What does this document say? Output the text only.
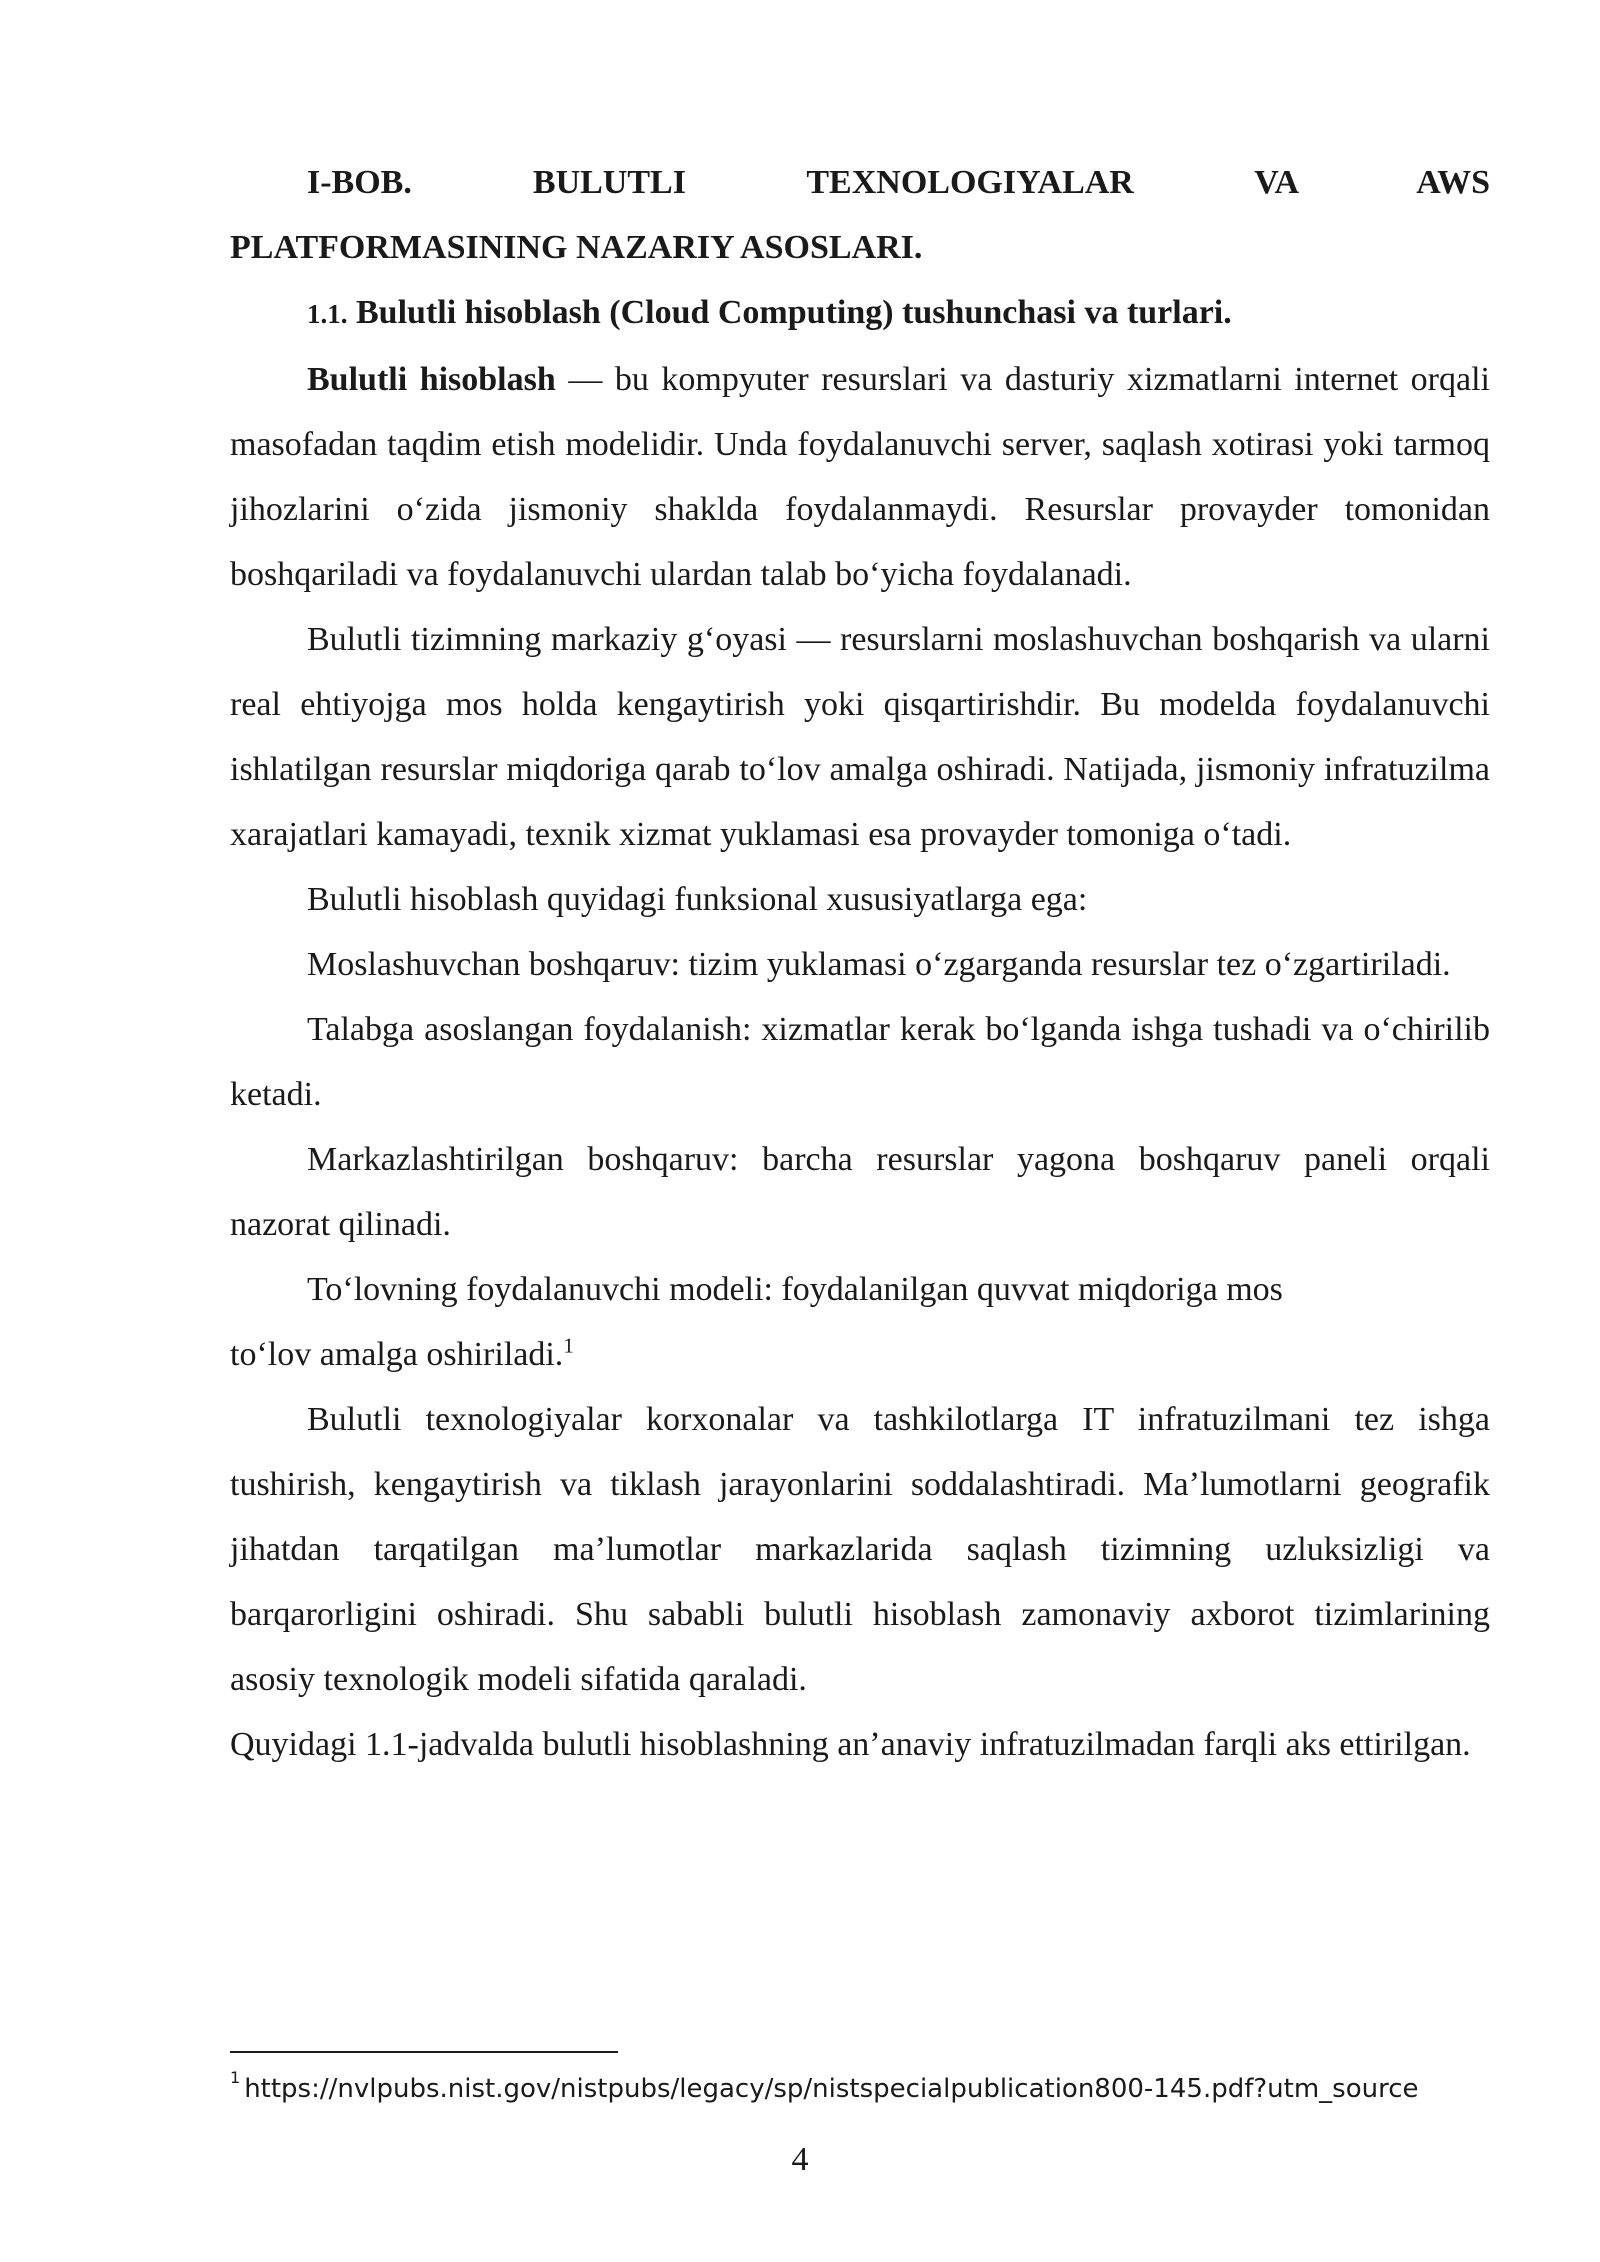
I-BOB.	BULUTLI	TEXNOLOGIYALAR	VA	AWS

PLATFORMASINING NAZARIY ASOSLARI.

1.1. Bulutli hisoblash (Cloud Computing) tushunchasi va turlari.

Bulutli hisoblash — bu kompyuter resurslari va dasturiy xizmatlarni internet orqali masofadan taqdim etish modelidir. Unda foydalanuvchi server, saqlash xotirasi yoki tarmoq jihozlarini oʻzida jismoniy shaklda foydalanmaydi. Resurslar provayder tomonidan boshqariladi va foydalanuvchi ulardan talab boʻyicha foydalanadi.

Bulutli tizimning markaziy gʻoyasi — resurslarni moslashuvchan boshqarish va ularni real ehtiyojga mos holda kengaytirish yoki qisqartirishdir. Bu modelda foydalanuvchi ishlatilgan resurslar miqdoriga qarab toʻlov amalga oshiradi. Natijada, jismoniy infratuzilma xarajatlari kamayadi, texnik xizmat yuklamasi esa provayder tomoniga oʻtadi.

Bulutli hisoblash quyidagi funksional xususiyatlarga ega:

Moslashuvchan boshqaruv: tizim yuklamasi oʻzgarganda resurslar tez oʻzgartiriladi.

Talabga asoslangan foydalanish: xizmatlar kerak boʻlganda ishga tushadi va oʻchirilib ketadi.

Markazlashtirilgan boshqaruv: barcha resurslar yagona boshqaruv paneli orqali nazorat qilinadi.

Toʻlovning foydalanuvchi modeli: foydalanilgan quvvat miqdoriga mos

toʻlov amalga oshiriladi.$^1$

Bulutli texnologiyalar korxonalar va tashkilotlarga IT infratuzilmani tez ishga tushirish, kengaytirish va tiklash jarayonlarini soddalashtiradi. Maʼlumotlarni geografik jihatdan tarqatilgan maʼlumotlar markazlarida saqlash tizimning uzluksizligi va barqarorligini oshiradi. Shu sababli bulutli hisoblash zamonaviy axborot tizimlarining asosiy texnologik modeli sifatida qaraladi.

Quyidagi 1.1-jadvalda bulutli hisoblashning anʼanaviy infratuzilmadan farqli aks ettirilgan.

$^1$ https://nvlpubs.nist.gov/nistpubs/legacy/sp/nistspecialpublication800-145.pdf?utm_source
4
